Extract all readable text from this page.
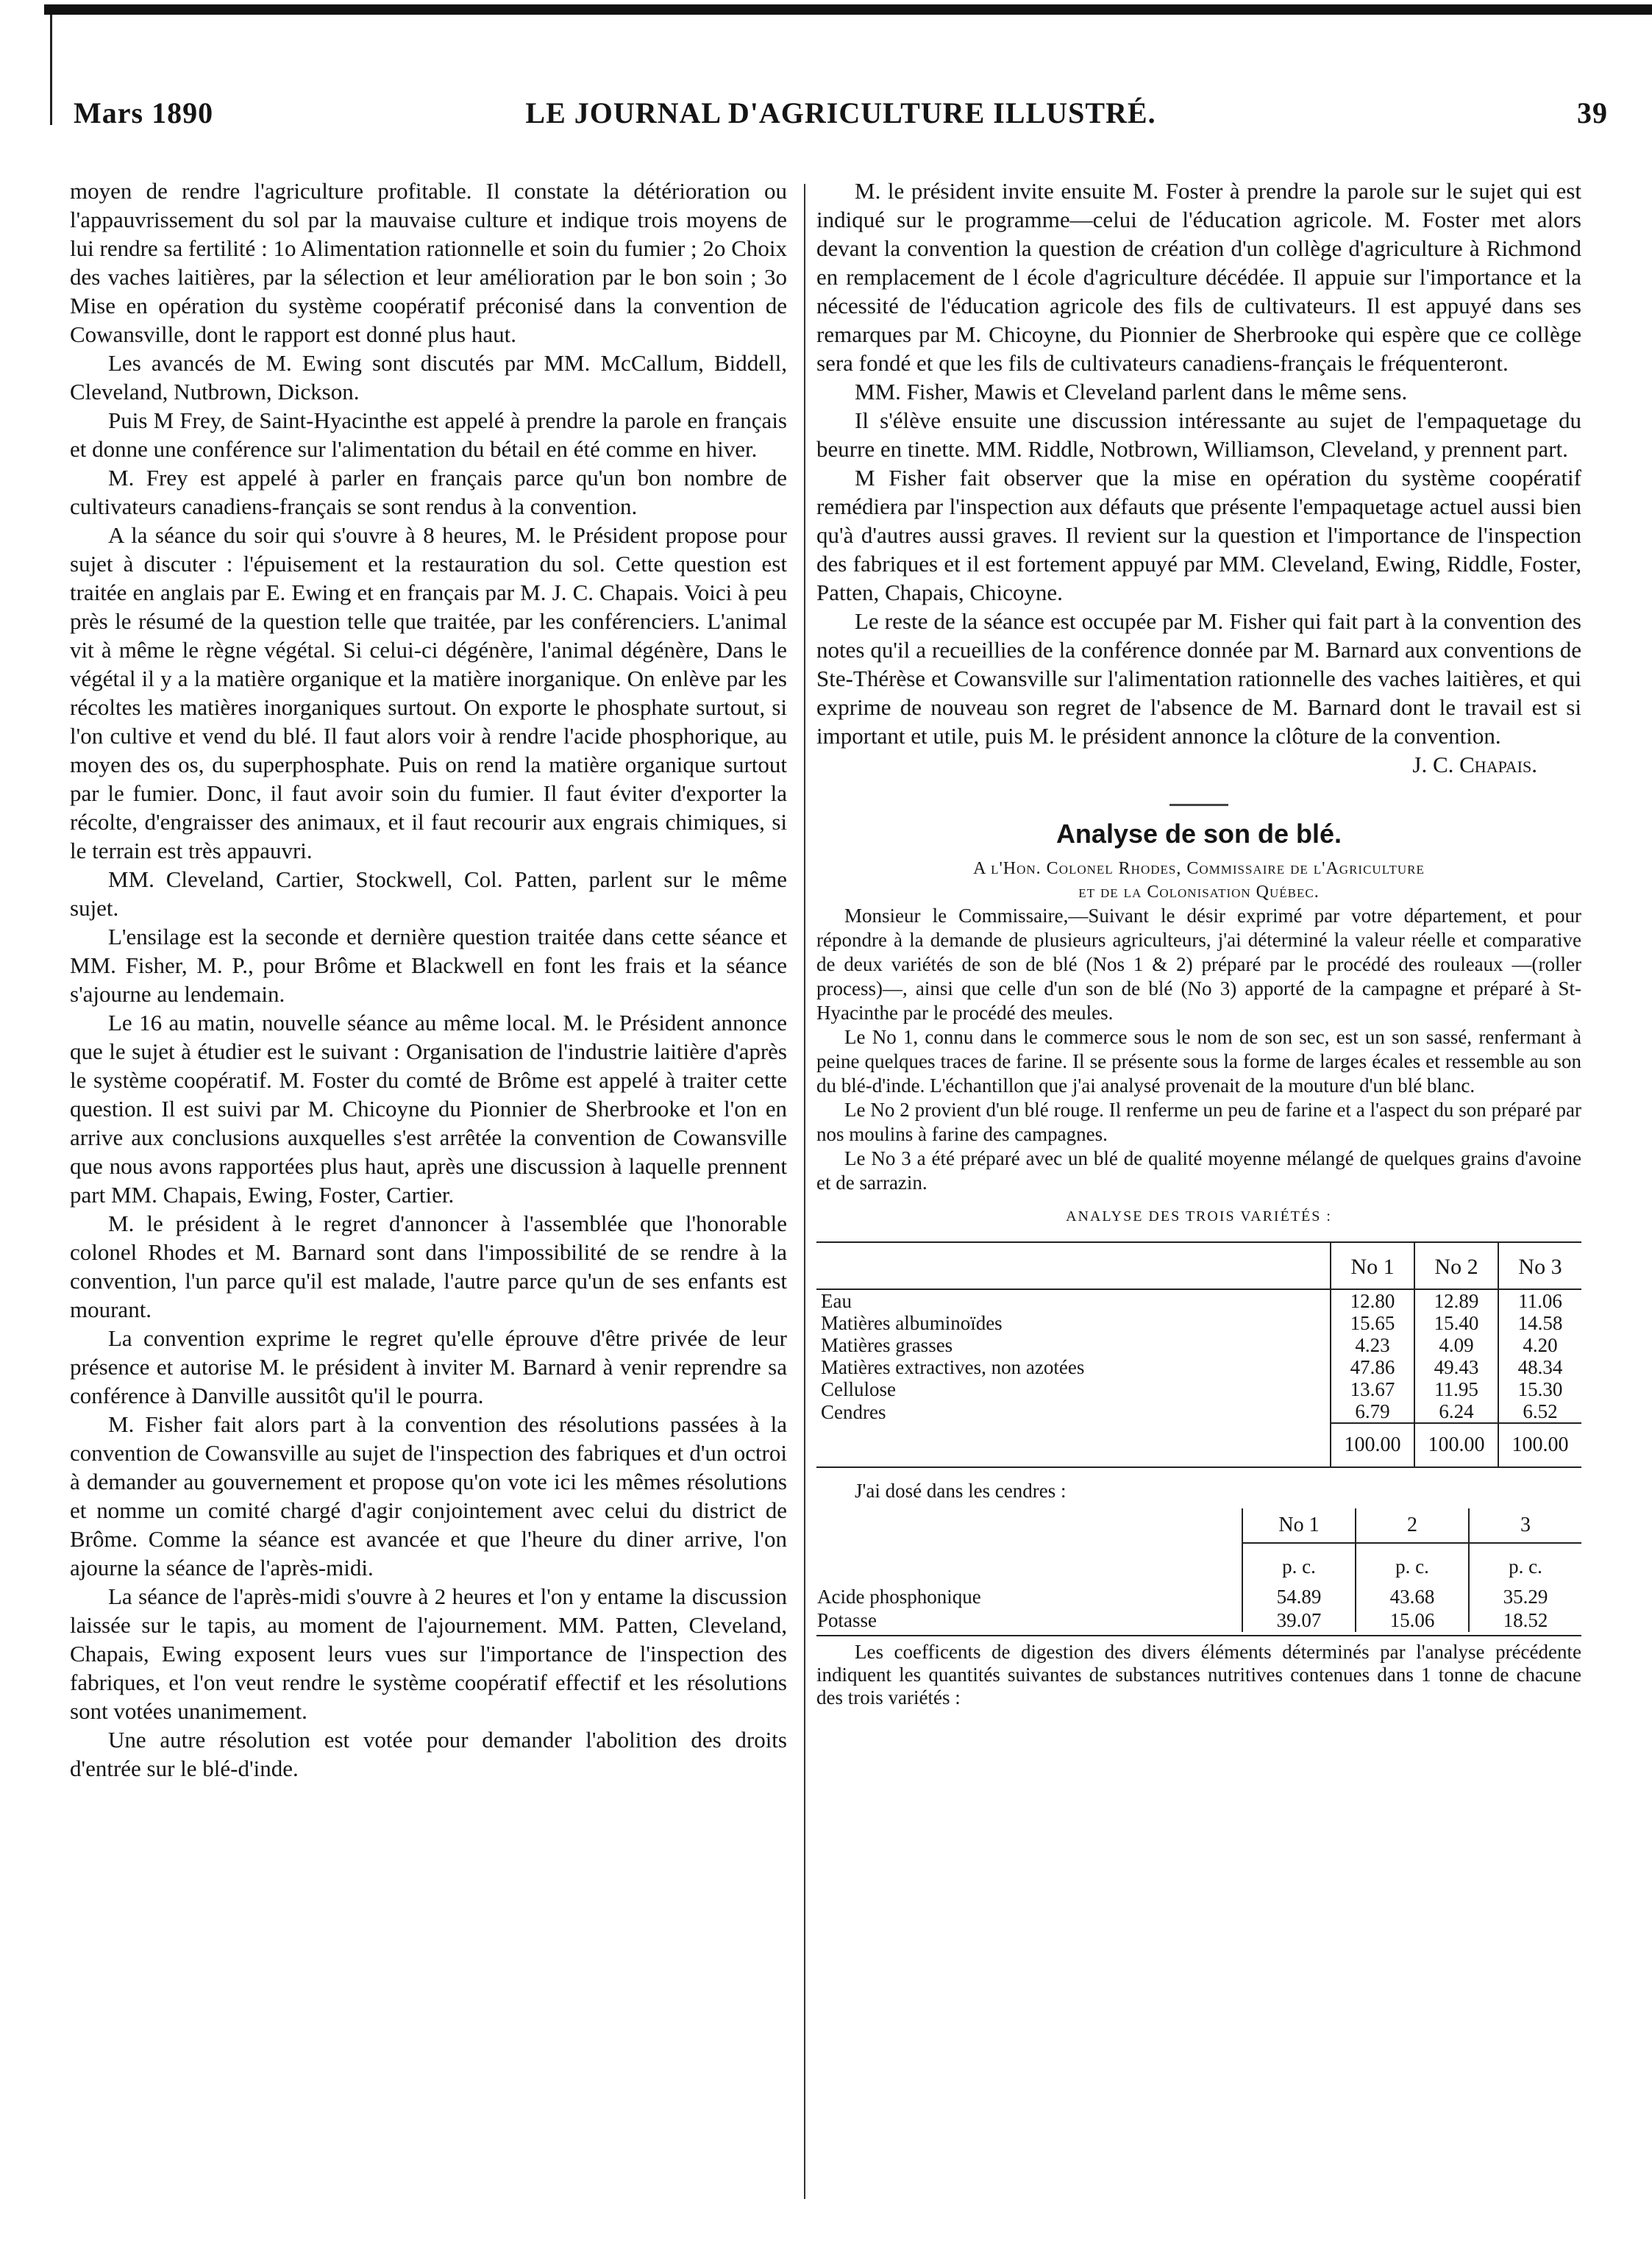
Mars 1890	LE JOURNAL D'AGRICULTURE ILLUSTRÉ.	39

moyen de rendre l'agriculture profitable. Il constate la détérioration ou l'appauvrissement du sol par la mauvaise culture et indique trois moyens de lui rendre sa fertilité : 1o Alimentation rationnelle et soin du fumier ; 2o Choix des vaches laitières, par la sélection et leur amélioration par le bon soin ; 3o Mise en opération du système coopératif préconisé dans la convention de Cowansville, dont le rapport est donné plus haut.

Les avancés de M. Ewing sont discutés par MM. McCallum, Biddell, Cleveland, Nutbrown, Dickson.

Puis M Frey, de Saint-Hyacinthe est appelé à prendre la parole en français et donne une conférence sur l'alimentation du bétail en été comme en hiver.

M. Frey est appelé à parler en français parce qu'un bon nombre de cultivateurs canadiens-français se sont rendus à la convention.

A la séance du soir qui s'ouvre à 8 heures, M. le Président propose pour sujet à discuter : l'épuisement et la restauration du sol. Cette question est traitée en anglais par E. Ewing et en français par M. J. C. Chapais. Voici à peu près le résumé de la question telle que traitée, par les conférenciers. L'animal vit à même le règne végétal. Si celui-ci dégénère, l'animal dégénère, Dans le végétal il y a la matière organique et la matière inorganique. On enlève par les récoltes les matières inorganiques surtout. On exporte le phosphate surtout, si l'on cultive et vend du blé. Il faut alors voir à rendre l'acide phosphorique, au moyen des os, du superphosphate. Puis on rend la matière organique surtout par le fumier. Donc, il faut avoir soin du fumier. Il faut éviter d'exporter la récolte, d'engraisser des animaux, et il faut recourir aux engrais chimiques, si le terrain est très appauvri.

MM. Cleveland, Cartier, Stockwell, Col. Patten, parlent sur le même sujet.

L'ensilage est la seconde et dernière question traitée dans cette séance et MM. Fisher, M. P., pour Brôme et Blackwell en font les frais et la séance s'ajourne au lendemain.

Le 16 au matin, nouvelle séance au même local. M. le Président annonce que le sujet à étudier est le suivant : Organisation de l'industrie laitière d'après le système coopératif. M. Foster du comté de Brôme est appelé à traiter cette question. Il est suivi par M. Chicoyne du Pionnier de Sherbrooke et l'on en arrive aux conclusions auxquelles s'est arrêtée la convention de Cowansville que nous avons rapportées plus haut, après une discussion à laquelle prennent part MM. Chapais, Ewing, Foster, Cartier.

M. le président à le regret d'annoncer à l'assemblée que l'honorable colonel Rhodes et M. Barnard sont dans l'impossibilité de se rendre à la convention, l'un parce qu'il est malade, l'autre parce qu'un de ses enfants est mourant.

La convention exprime le regret qu'elle éprouve d'être privée de leur présence et autorise M. le président à inviter M. Barnard à venir reprendre sa conférence à Danville aussitôt qu'il le pourra.

M. Fisher fait alors part à la convention des résolutions passées à la convention de Cowansville au sujet de l'inspection des fabriques et d'un octroi à demander au gouvernement et propose qu'on vote ici les mêmes résolutions et nomme un comité chargé d'agir conjointement avec celui du district de Brôme. Comme la séance est avancée et que l'heure du diner arrive, l'on ajourne la séance de l'après-midi.

La séance de l'après-midi s'ouvre à 2 heures et l'on y entame la discussion laissée sur le tapis, au moment de l'ajournement. MM. Patten, Cleveland, Chapais, Ewing exposent leurs vues sur l'importance de l'inspection des fabriques, et l'on veut rendre le système coopératif effectif et les résolutions sont votées unanimement.

Une autre résolution est votée pour demander l'abolition des droits d'entrée sur le blé-d'inde.

M. le président invite ensuite M. Foster à prendre la parole sur le sujet qui est indiqué sur le programme—celui de l'éducation agricole. M. Foster met alors devant la convention la question de création d'un collège d'agriculture à Richmond en remplacement de l école d'agriculture décédée. Il appuie sur l'importance et la nécessité de l'éducation agricole des fils de cultivateurs. Il est appuyé dans ses remarques par M. Chicoyne, du Pionnier de Sherbrooke qui espère que ce collège sera fondé et que les fils de cultivateurs canadiens-français le fréquenteront.

MM. Fisher, Mawis et Cleveland parlent dans le même sens.

Il s'élève ensuite une discussion intéressante au sujet de l'empaquetage du beurre en tinette. MM. Riddle, Notbrown, Williamson, Cleveland, y prennent part.

M Fisher fait observer que la mise en opération du système coopératif remédiera par l'inspection aux défauts que présente l'empaquetage actuel aussi bien qu'à d'autres aussi graves. Il revient sur la question et l'importance de l'inspection des fabriques et il est fortement appuyé par MM. Cleveland, Ewing, Riddle, Foster, Patten, Chapais, Chicoyne.

Le reste de la séance est occupée par M. Fisher qui fait part à la convention des notes qu'il a recueillies de la conférence donnée par M. Barnard aux conventions de Ste-Thérèse et Cowansville sur l'alimentation rationnelle des vaches laitières, et qui exprime de nouveau son regret de l'absence de M. Barnard dont le travail est si important et utile, puis M. le président annonce la clôture de la convention.

J. C. Chapais.

Analyse de son de blé.
A l'Hon. Colonel Rhodes, Commissaire de l'Agriculture
et de la Colonisation Québec.

Monsieur le Commissaire,—Suivant le désir exprimé par votre département, et pour répondre à la demande de plusieurs agriculteurs, j'ai déterminé la valeur réelle et comparative de deux variétés de son de blé (Nos 1 & 2) préparé par le procédé des rouleaux —(roller process)—, ainsi que celle d'un son de blé (No 3) apporté de la campagne et préparé à St-Hyacinthe par le procédé des meules.

Le No 1, connu dans le commerce sous le nom de son sec, est un son sassé, renfermant à peine quelques traces de farine. Il se présente sous la forme de larges écales et ressemble au son du blé-d'inde. L'échantillon que j'ai analysé provenait de la mouture d'un blé blanc.

Le No 2 provient d'un blé rouge. Il renferme un peu de farine et a l'aspect du son préparé par nos moulins à farine des campagnes.

Le No 3 a été préparé avec un blé de qualité moyenne mélangé de quelques grains d'avoine et de sarrazin.

ANALYSE DES TROIS VARIÉTÉS :
	No 1	No 2	No 3
Eau	12.80	12.89	11.06
Matières albuminoïdes	15.65	15.40	14.58
Matières grasses	4.23	4.09	4.20
Matières extractives, non azotées	47.86	49.43	48.34
Cellulose	13.67	11.95	15.30
Cendres	6.79	6.24	6.52
	100.00	100.00	100.00

J'ai dosé dans les cendres :

	No 1	2	3
	p. c.	p. c.	p. c.
Acide phosphonique	54.89	43.68	35.29
Potasse	39.07	15.06	18.52

Les coefficents de digestion des divers éléments déterminés par l'analyse précédente indiquent les quantités suivantes de substances nutritives contenues dans 1 tonne de chacune des trois variétés :
